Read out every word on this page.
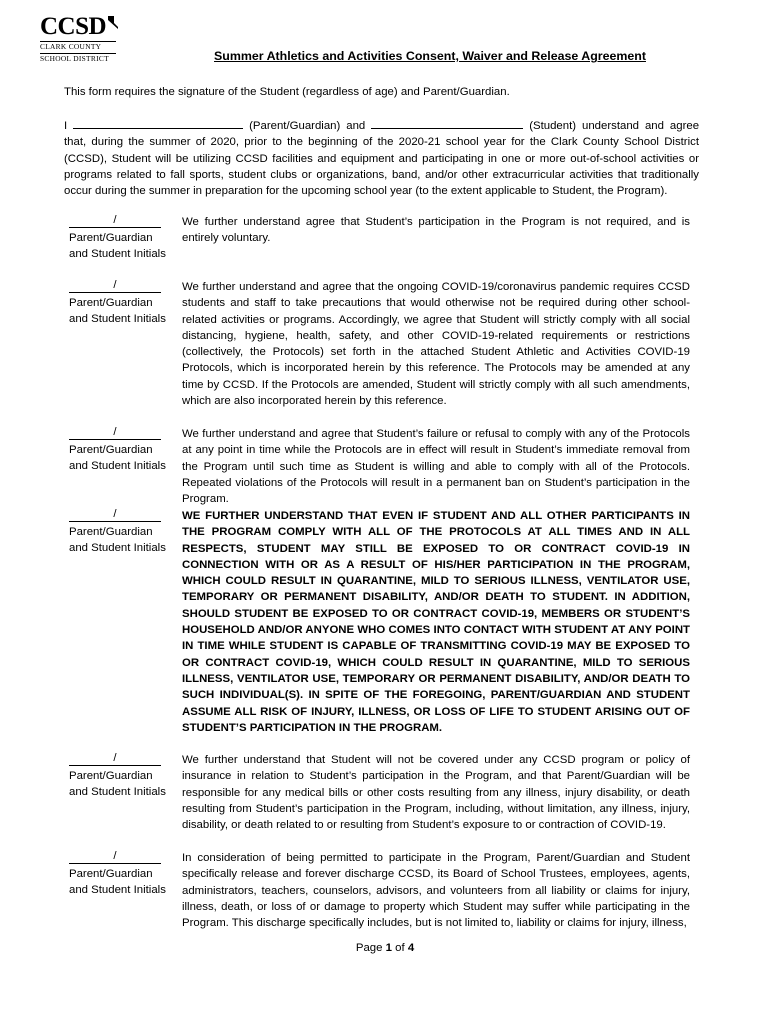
CCSD
CLARK COUNTY
SCHOOL DISTRICT	Summer Athletics and Activities Consent, Waiver and Release Agreement
This form requires the signature of the Student (regardless of age) and Parent/Guardian.
I	(Parent/Guardian) and	(Student) understand and agree that, during the summer of 2020, prior to the beginning of the 2020-21 school year for the Clark County School District (CCSD), Student will be utilizing CCSD facilities and equipment and participating in one or more out-of-school activities or programs related to fall sports, student clubs or organizations, band, and/or other extracurricular activities that traditionally occur during the summer in preparation for the upcoming school year (to the extent applicable to Student, the Program).
/
Parent/Guardian
and Student Initials
We further understand agree that Student’s participation in the Program is not required, and is entirely voluntary.
/
Parent/Guardian
and Student Initials
We further understand and agree that the ongoing COVID-19/coronavirus pandemic requires CCSD students and staff to take precautions that would otherwise not be required during other school-related activities or programs. Accordingly, we agree that Student will strictly comply with all social distancing, hygiene, health, safety, and other COVID-19-related requirements or restrictions (collectively, the Protocols) set forth in the attached Student Athletic and Activities COVID-19 Protocols, which is incorporated herein by this reference. The Protocols may be amended at any time by CCSD. If the Protocols are amended, Student will strictly comply with all such amendments, which are also incorporated herein by this reference.
/
Parent/Guardian
and Student Initials
We further understand and agree that Student’s failure or refusal to comply with any of the Protocols at any point in time while the Protocols are in effect will result in Student’s immediate removal from the Program until such time as Student is willing and able to comply with all of the Protocols. Repeated violations of the Protocols will result in a permanent ban on Student’s participation in the Program.
/
Parent/Guardian
and Student Initials
WE FURTHER UNDERSTAND THAT EVEN IF STUDENT AND ALL OTHER PARTICIPANTS IN THE PROGRAM COMPLY WITH ALL OF THE PROTOCOLS AT ALL TIMES AND IN ALL RESPECTS, STUDENT MAY STILL BE EXPOSED TO OR CONTRACT COVID-19 IN CONNECTION WITH OR AS A RESULT OF HIS/HER PARTICIPATION IN THE PROGRAM, WHICH COULD RESULT IN QUARANTINE, MILD TO SERIOUS ILLNESS, VENTILATOR USE, TEMPORARY OR PERMANENT DISABILITY, AND/OR DEATH TO STUDENT. IN ADDITION, SHOULD STUDENT BE EXPOSED TO OR CONTRACT COVID-19, MEMBERS OR STUDENT’S HOUSEHOLD AND/OR ANYONE WHO COMES INTO CONTACT WITH STUDENT AT ANY POINT IN TIME WHILE STUDENT IS CAPABLE OF TRANSMITTING COVID-19 MAY BE EXPOSED TO OR CONTRACT COVID-19, WHICH COULD RESULT IN QUARANTINE, MILD TO SERIOUS ILLNESS, VENTILATOR USE, TEMPORARY OR PERMANENT DISABILITY, AND/OR DEATH TO SUCH INDIVIDUAL(S). IN SPITE OF THE FOREGOING, PARENT/GUARDIAN AND STUDENT ASSUME ALL RISK OF INJURY, ILLNESS, OR LOSS OF LIFE TO STUDENT ARISING OUT OF STUDENT’S PARTICIPATION IN THE PROGRAM.
/
Parent/Guardian
and Student Initials
We further understand that Student will not be covered under any CCSD program or policy of insurance in relation to Student’s participation in the Program, and that Parent/Guardian will be responsible for any medical bills or other costs resulting from any illness, injury disability, or death resulting from Student’s participation in the Program, including, without limitation, any illness, injury, disability, or death related to or resulting from Student’s exposure to or contraction of COVID-19.
/
Parent/Guardian
and Student Initials
In consideration of being permitted to participate in the Program, Parent/Guardian and Student specifically release and forever discharge CCSD, its Board of School Trustees, employees, agents, administrators, teachers, counselors, advisors, and volunteers from all liability or claims for injury, illness, death, or loss of or damage to property which Student may suffer while participating in the Program. This discharge specifically includes, but is not limited to, liability or claims for injury, illness,
Page 1 of 4
